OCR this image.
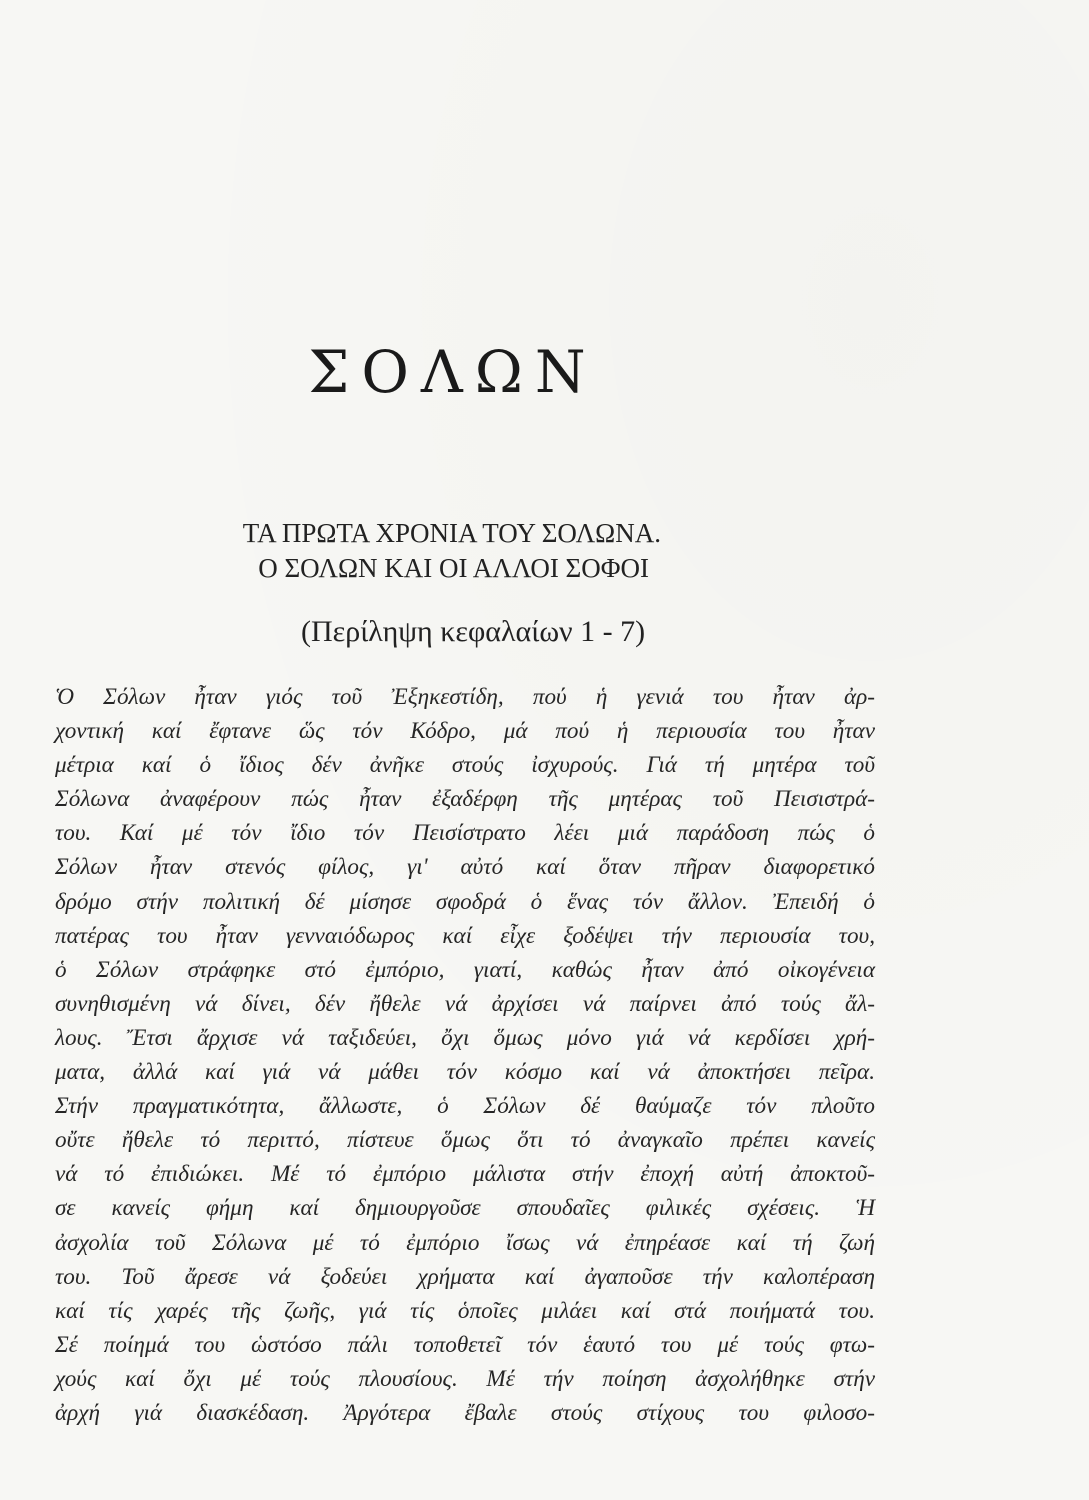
ΣΟΛΩΝ
ΤΑ ΠΡΩΤΑ ΧΡΟΝΙΑ ΤΟΥ ΣΟΛΩΝΑ.
Ο ΣΟΛΩΝ ΚΑΙ ΟΙ ΑΛΛΟΙ ΣΟΦΟΙ
(Περίληψη κεφαλαίων 1 - 7)
Ὁ Σόλων ἦταν γιός τοῦ Ἐξηκεστίδη, πού ἡ γενιά του ἦταν ἀρ-
χοντική καί ἔφτανε ὥς τόν Κόδρο, μά πού ἡ περιουσία του ἦταν
μέτρια καί ὁ ἴδιος δέν ἀνῆκε στούς ἰσχυρούς. Γιά τή μητέρα τοῦ
Σόλωνα ἀναφέρουν πώς ἦταν ἐξαδέρφη τῆς μητέρας τοῦ Πεισιστρά-
του. Καί μέ τόν ἴδιο τόν Πεισίστρατο λέει μιά παράδοση πώς ὁ
Σόλων ἦταν στενός φίλος, γι' αὐτό καί ὅταν πῆραν διαφορετικό
δρόμο στήν πολιτική δέ μίσησε σφοδρά ὁ ἕνας τόν ἄλλον. Ἐπειδή ὁ
πατέρας του ἦταν γενναιόδωρος καί εἶχε ξοδέψει τήν περιουσία του,
ὁ Σόλων στράφηκε στό ἐμπόριο, γιατί, καθώς ἦταν ἀπό οἰκογένεια
συνηθισμένη νά δίνει, δέν ἤθελε νά ἀρχίσει νά παίρνει ἀπό τούς ἄλ-
λους. Ἔτσι ἄρχισε νά ταξιδεύει, ὄχι ὅμως μόνο γιά νά κερδίσει χρή-
ματα, ἀλλά καί γιά νά μάθει τόν κόσμο καί νά ἀποκτήσει πεῖρα.
Στήν πραγματικότητα, ἄλλωστε, ὁ Σόλων δέ θαύμαζε τόν πλοῦτο
οὔτε ἤθελε τό περιττό, πίστευε ὅμως ὅτι τό ἀναγκαῖο πρέπει κανείς
νά τό ἐπιδιώκει. Μέ τό ἐμπόριο μάλιστα στήν ἐποχή αὐτή ἀποκτοῦ-
σε κανείς φήμη καί δημιουργοῦσε σπουδαῖες φιλικές σχέσεις. Ἡ
ἀσχολία τοῦ Σόλωνα μέ τό ἐμπόριο ἴσως νά ἐπηρέασε καί τή ζωή
του. Τοῦ ἄρεσε νά ξοδεύει χρήματα καί ἀγαποῦσε τήν καλοπέραση
καί τίς χαρές τῆς ζωῆς, γιά τίς ὁποῖες μιλάει καί στά ποιήματά του.
Σέ ποίημά του ὡστόσο πάλι τοποθετεῖ τόν ἑαυτό του μέ τούς φτω-
χούς καί ὄχι μέ τούς πλουσίους. Μέ τήν ποίηση ἀσχολήθηκε στήν
ἀρχή γιά διασκέδαση. Ἀργότερα ἔβαλε στούς στίχους του φιλοσο-
